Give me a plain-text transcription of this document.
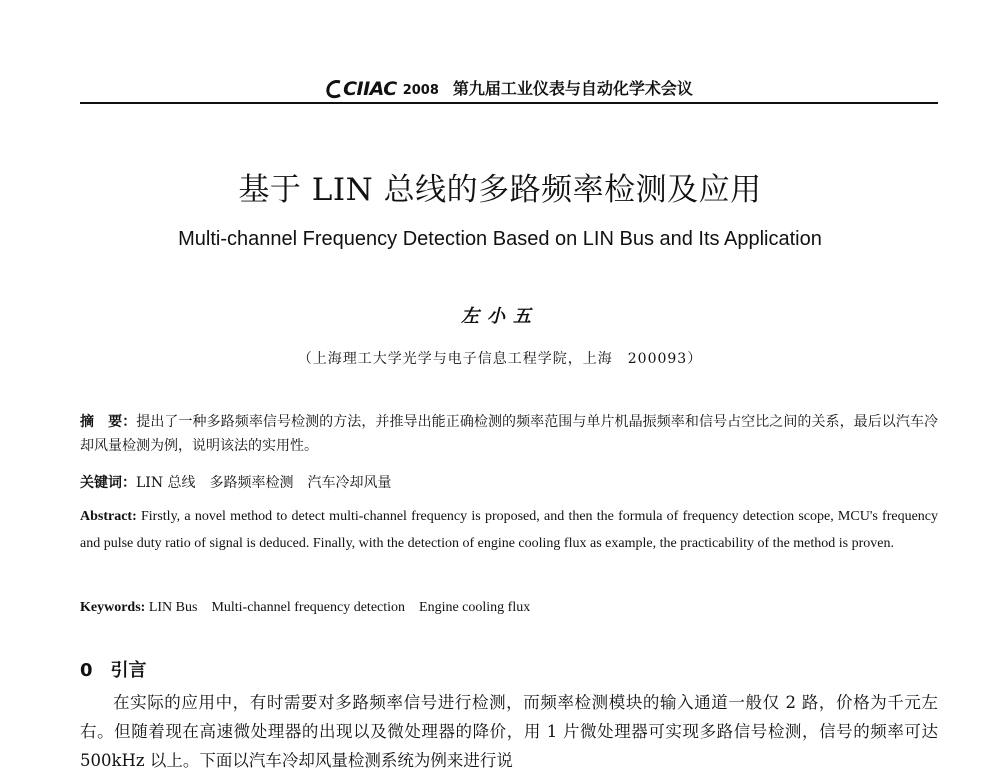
CIIAC 2008 第九届工业仪表与自动化学术会议
基于 LIN 总线的多路频率检测及应用
Multi-channel Frequency Detection Based on LIN Bus and Its Application
左小五
（上海理工大学光学与电子信息工程学院，上海　200093）
摘　要：提出了一种多路频率信号检测的方法，并推导出能正确检测的频率范围与单片机晶振频率和信号占空比之间的关系，最后以汽车冷却风量检测为例，说明该法的实用性。
关键词：LIN 总线　多路频率检测　汽车冷却风量
Abstract: Firstly, a novel method to detect multi-channel frequency is proposed, and then the formula of frequency detection scope, MCU's frequency and pulse duty ratio of signal is deduced. Finally, with the detection of engine cooling flux as example, the practicability of the method is proven.
Keywords: LIN Bus　Multi-channel frequency detection　Engine cooling flux
0 引言
在实际的应用中，有时需要对多路频率信号进行检测，而频率检测模块的输入通道一般仅 2 路，价格为千元左右。但随着现在高速微处理器的出现以及微处理器的降价，用 1 片微处理器可实现多路信号检测，信号的频率可达 500kHz 以上。下面以汽车冷却风量检测系统为例来进行说
